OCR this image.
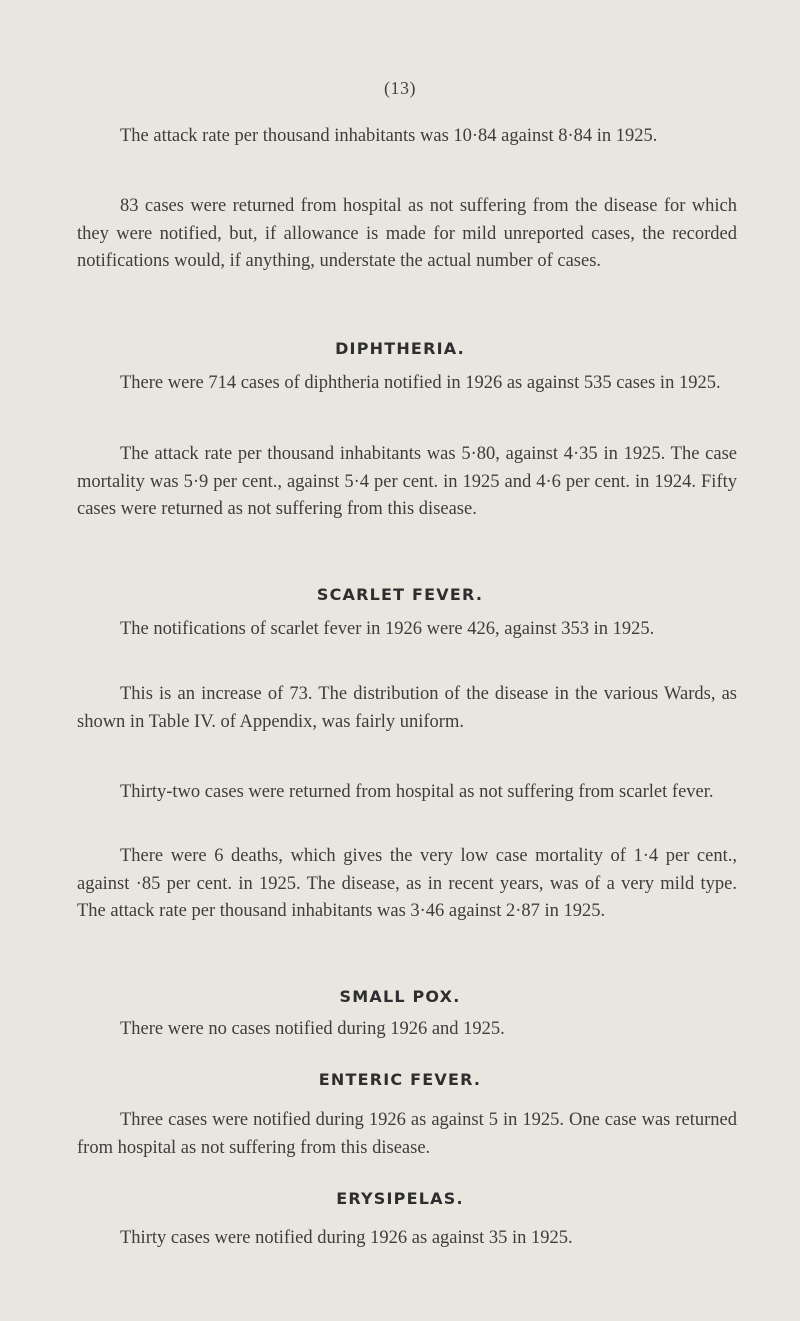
(13)

The attack rate per thousand inhabitants was 10·84 against 8·84 in 1925.

83 cases were returned from hospital as not suffering from the disease for which they were notified, but, if allowance is made for mild unreported cases, the recorded notifications would, if anything, understate the actual number of cases.

DIPHTHERIA.

There were 714 cases of diphtheria notified in 1926 as against 535 cases in 1925.

The attack rate per thousand inhabitants was 5·80, against 4·35 in 1925. The case mortality was 5·9 per cent., against 5·4 per cent. in 1925 and 4·6 per cent. in 1924. Fifty cases were returned as not suffering from this disease.

SCARLET FEVER.

The notifications of scarlet fever in 1926 were 426, against 353 in 1925.

This is an increase of 73. The distribution of the disease in the various Wards, as shown in Table IV. of Appendix, was fairly uniform.

Thirty-two cases were returned from hospital as not suffering from scarlet fever.

There were 6 deaths, which gives the very low case mortality of 1·4 per cent., against ·85 per cent. in 1925. The disease, as in recent years, was of a very mild type. The attack rate per thousand inhabitants was 3·46 against 2·87 in 1925.

SMALL POX.

There were no cases notified during 1926 and 1925.

ENTERIC FEVER.

Three cases were notified during 1926 as against 5 in 1925. One case was returned from hospital as not suffering from this disease.

ERYSIPELAS.

Thirty cases were notified during 1926 as against 35 in 1925.
